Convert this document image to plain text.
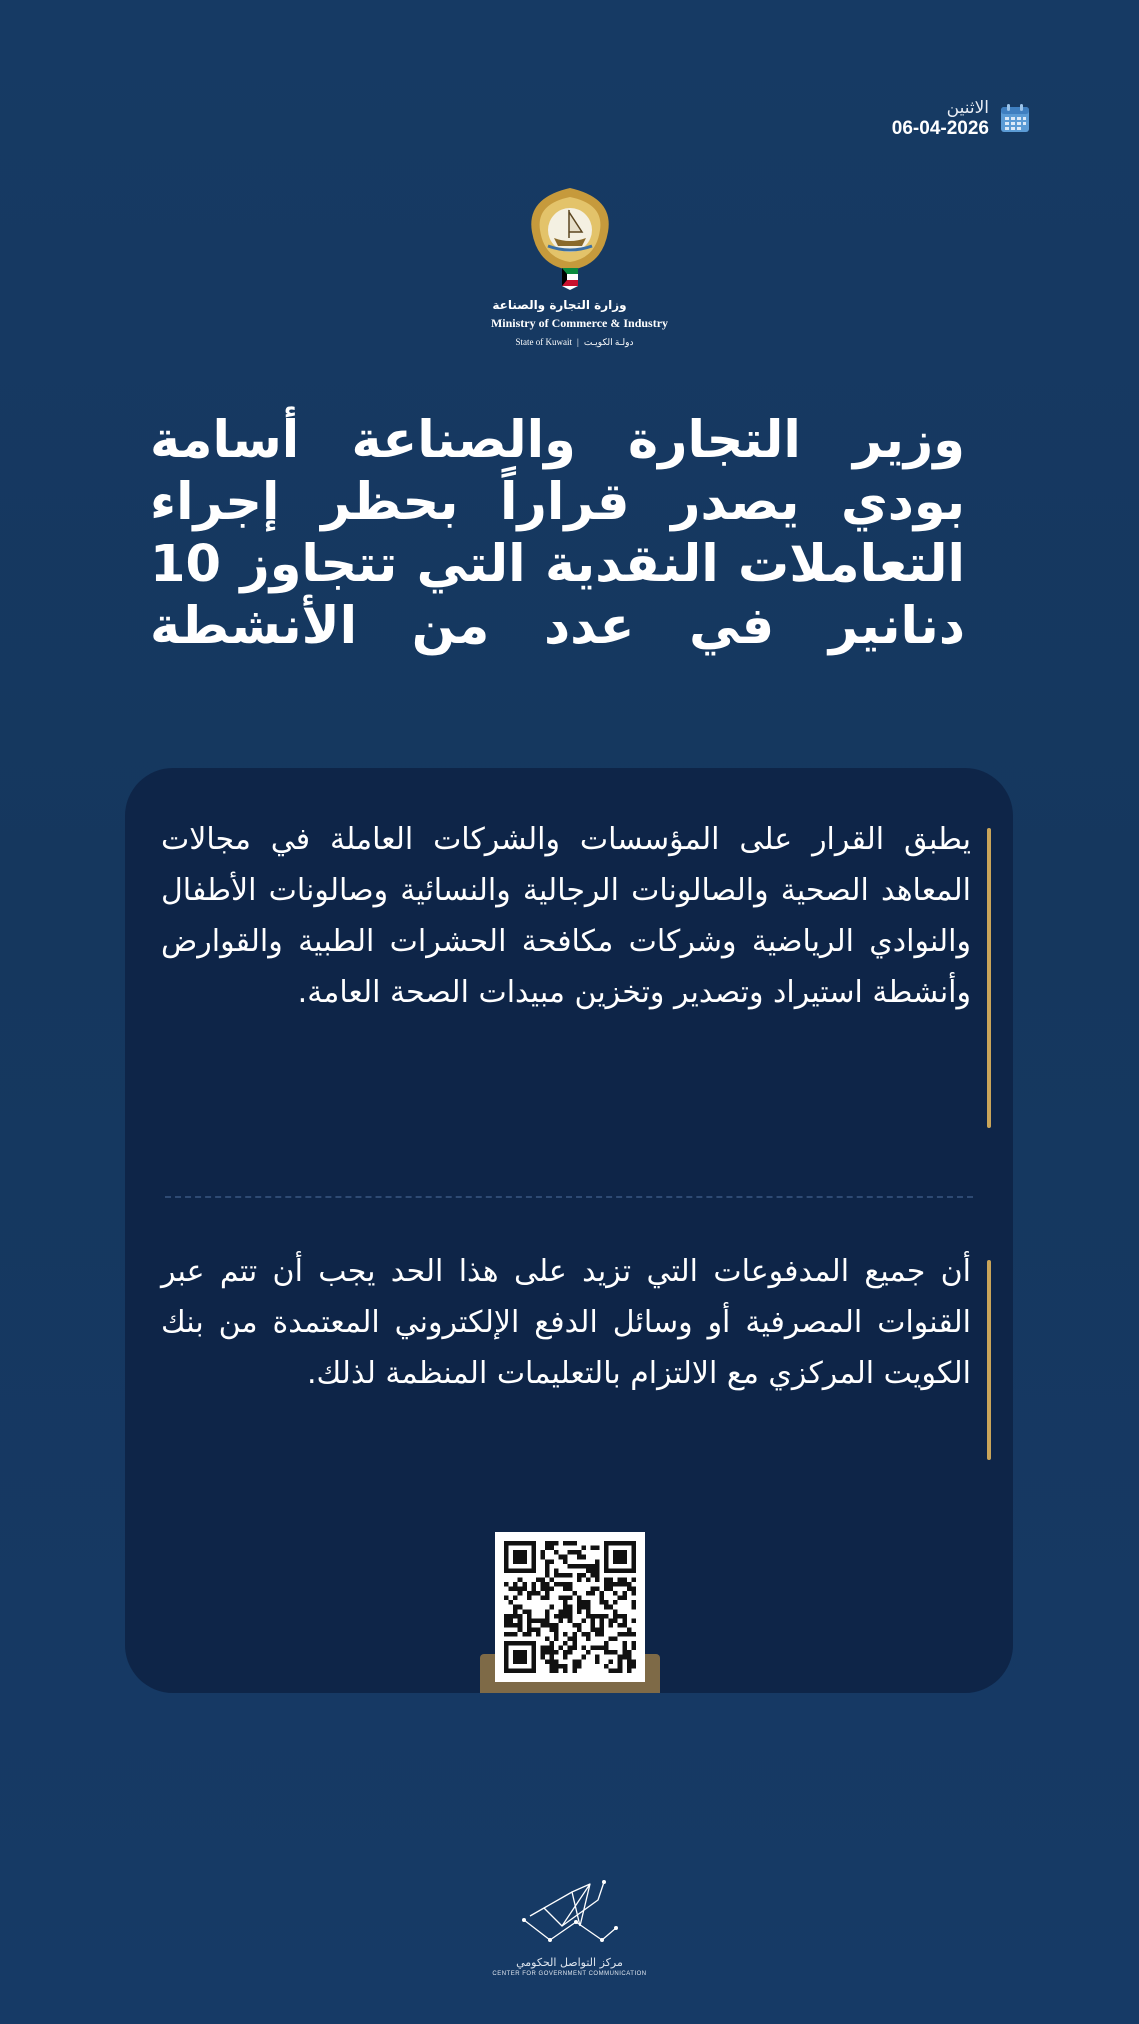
الاثنين
06-04-2026
وزارة التجارة والصناعة
Ministry of Commerce & Industry
State of Kuwait | دولـة الكويـت
وزير التجارة والصناعة أسامة بودي يصدر قراراً بحظر إجراء التعاملات النقدية التي تتجاوز 10 دنانير في عدد من الأنشطة

يطبق القرار على المؤسسات والشركات العاملة في مجالات المعاهد الصحية والصالونات الرجالية والنسائية وصالونات الأطفال والنوادي الرياضية وشركات مكافحة الحشرات الطبية والقوارض وأنشطة استيراد وتصدير وتخزين مبيدات الصحة العامة.

أن جميع المدفوعات التي تزيد على هذا الحد يجب أن تتم عبر القنوات المصرفية أو وسائل الدفع الإلكتروني المعتمدة من بنك الكويت المركزي مع الالتزام بالتعليمات المنظمة لذلك.

مركز التواصل الحكومي
CENTER FOR GOVERNMENT COMMUNICATION
